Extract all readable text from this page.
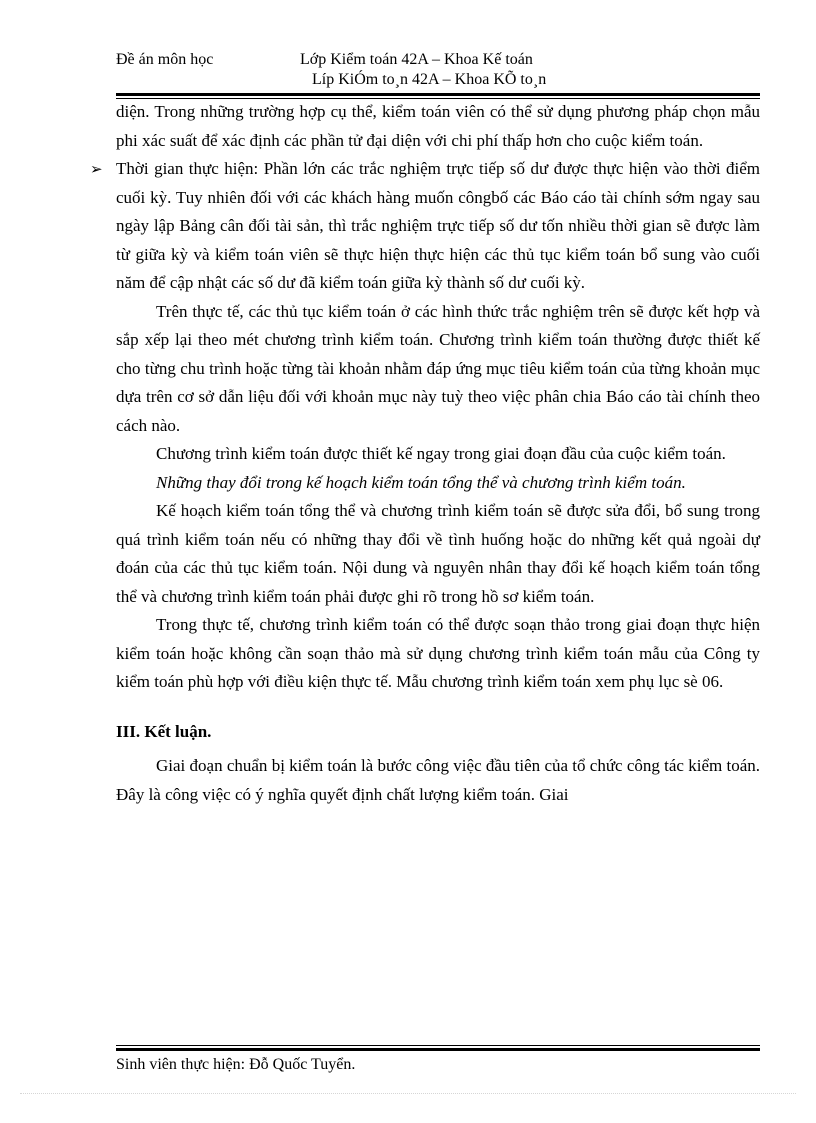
Đề án môn học	Lớp Kiểm toán 42A – Khoa Kế toán
Líp KiÓm to¸n 42A – Khoa KÕ to¸n

diện. Trong những trường hợp cụ thể, kiểm toán viên có thể sử dụng phương pháp chọn mẫu phi xác suất để xác định các phần tử đại diện với chi phí thấp hơn cho cuộc kiểm toán.

➢ Thời gian thực hiện: Phần lớn các trắc nghiệm trực tiếp số dư được thực hiện vào thời điểm cuối kỳ. Tuy nhiên đối với các khách hàng muốn côngbố các Báo cáo tài chính sớm ngay sau ngày lập Bảng cân đối tài sản, thì trắc nghiệm trực tiếp số dư tốn nhiều thời gian sẽ được làm từ giữa kỳ và kiểm toán viên sẽ thực hiện thực hiện các thủ tục kiểm toán bổ sung vào cuối năm để cập nhật các số dư đã kiểm toán giữa kỳ thành số dư cuối kỳ.

Trên thực tế, các thủ tục kiểm toán ở các hình thức trắc nghiệm trên sẽ được kết hợp và sắp xếp lại theo mét chương trình kiểm toán. Chương trình kiểm toán thường được thiết kế cho từng chu trình hoặc từng tài khoản nhằm đáp ứng mục tiêu kiểm toán của từng khoản mục dựa trên cơ sở dẫn liệu đối với khoản mục này tuỳ theo việc phân chia Báo cáo tài chính theo cách nào.

Chương trình kiểm toán được thiết kế ngay trong giai đoạn đầu của cuộc kiểm toán.

Những thay đổi trong kế hoạch kiểm toán tổng thể và chương trình kiểm toán.

Kế hoạch kiểm toán tổng thể và chương trình kiểm toán sẽ được sửa đổi, bổ sung trong quá trình kiểm toán nếu có những thay đổi về tình huống hoặc do những kết quả ngoài dự đoán của các thủ tục kiểm toán. Nội dung và nguyên nhân thay đổi kế hoạch kiểm toán tổng thể và chương trình kiểm toán phải được ghi rõ trong hồ sơ kiểm toán.

Trong thực tế, chương trình kiểm toán có thể được soạn thảo trong giai đoạn thực hiện kiểm toán hoặc không cần soạn thảo mà sử dụng chương trình kiểm toán mẫu của Công ty kiểm toán phù hợp với điều kiện thực tế. Mẫu chương trình kiểm toán xem phụ lục sè 06.

III. Kết luận.

Giai đoạn chuẩn bị kiểm toán là bước công việc đầu tiên của tổ chức công tác kiểm toán. Đây là công việc có ý nghĩa quyết định chất lượng kiểm toán. Giai

Sinh viên thực hiện: Đỗ Quốc Tuyển.
